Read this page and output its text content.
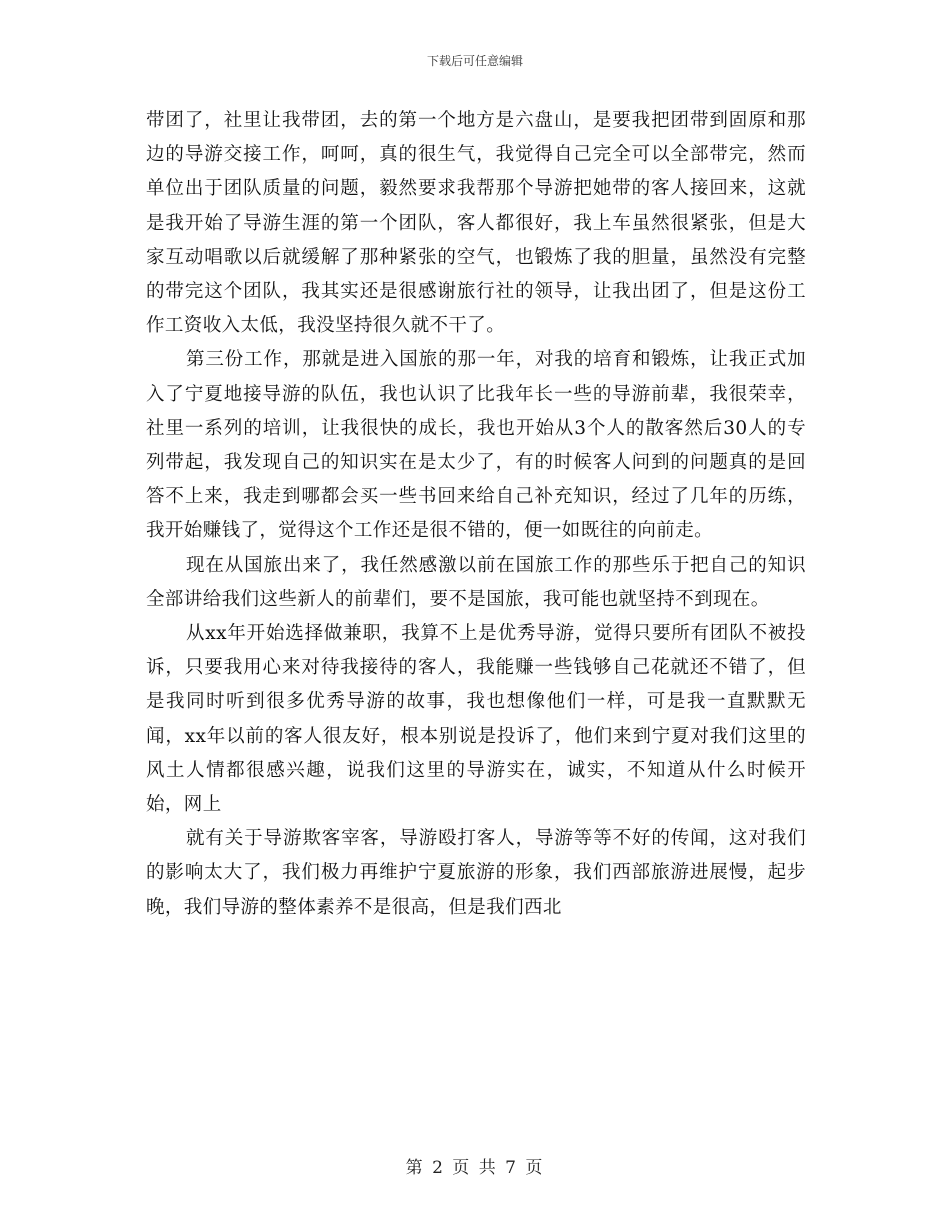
下载后可任意编辑

带团了，社里让我带团，去的第一个地方是六盘山，是要我把团带到固原和那边的导游交接工作，呵呵，真的很生气，我觉得自己完全可以全部带完，然而单位出于团队质量的问题，毅然要求我帮那个导游把她带的客人接回来，这就是我开始了导游生涯的第一个团队，客人都很好，我上车虽然很紧张，但是大家互动唱歌以后就缓解了那种紧张的空气，也锻炼了我的胆量，虽然没有完整的带完这个团队，我其实还是很感谢旅行社的领导，让我出团了，但是这份工作工资收入太低，我没坚持很久就不干了。

第三份工作，那就是进入国旅的那一年，对我的培育和锻炼，让我正式加入了宁夏地接导游的队伍，我也认识了比我年长一些的导游前辈，我很荣幸，社里一系列的培训，让我很快的成长，我也开始从3个人的散客然后30人的专列带起，我发现自己的知识实在是太少了，有的时候客人问到的问题真的是回答不上来，我走到哪都会买一些书回来给自己补充知识，经过了几年的历练，我开始赚钱了，觉得这个工作还是很不错的，便一如既往的向前走。

现在从国旅出来了，我任然感激以前在国旅工作的那些乐于把自己的知识全部讲给我们这些新人的前辈们，要不是国旅，我可能也就坚持不到现在。

从xx年开始选择做兼职，我算不上是优秀导游，觉得只要所有团队不被投诉，只要我用心来对待我接待的客人，我能赚一些钱够自己花就还不错了，但是我同时听到很多优秀导游的故事，我也想像他们一样，可是我一直默默无闻，xx年以前的客人很友好，根本别说是投诉了，他们来到宁夏对我们这里的风土人情都很感兴趣，说我们这里的导游实在，诚实，不知道从什么时候开始，网上

就有关于导游欺客宰客，导游殴打客人，导游等等不好的传闻，这对我们的影响太大了，我们极力再维护宁夏旅游的形象，我们西部旅游进展慢，起步晚，我们导游的整体素养不是很高，但是我们西北

第 2 页 共 7 页
